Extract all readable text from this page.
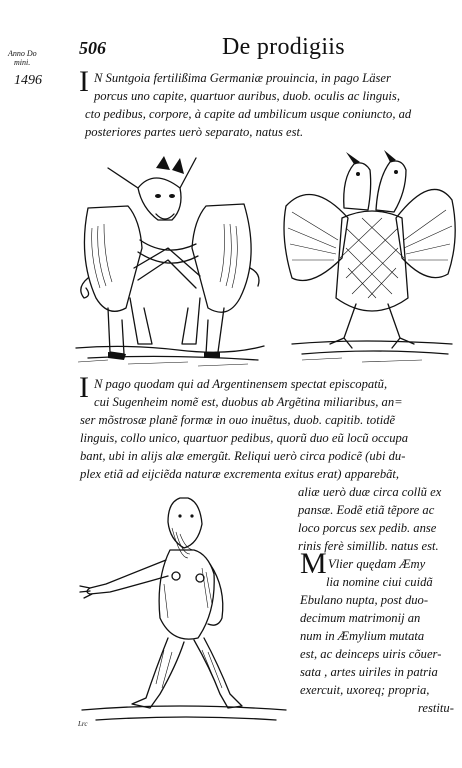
Anno Do
mini.
506	De prodigiis
1496 I N Suntgoia fertilißima Germaniæ prouincia, in pago Läser
porcus uno capite, quartuor auribus, duob. oculis ac linguis,
cto pedibus, corpore, à capite ad umbilicum usque coniuncto, ad
posteriores partes uerò separato, natus est.
I N pago quodam qui ad Argentinensem spectat episcopatũ,
cui Sugenheim nomẽ est, duobus ab Argẽtina miliaribus, an=
ser mõstrosæ planẽ formæ in ouo inuẽtus, duob. capitib. totidẽ
linguis, collo unico, quartuor pedibus, quorũ duo eũ locũ occupa
bant, ubi in alijs alæ emergũt. Reliqui uerò circa podicẽ (ubi du-
plex etiã ad eijciẽda naturæ excrementa exitus erat) apparebãt,
aliæ uerò duæ circa collũ ex
pansæ. Eodẽ etiã tẽpore ac
loco porcus sex pedib. anse
rinis ferè simillib. natus est.
M Vlier quędam Æmy
lia nomine ciui cuidã
Ebulano nupta, post duo-
decimum matrimonij an
num in Æmylium mutata
est, ac deinceps uiris cõuer-
sata , artes uiriles in patria
exercuit, uxoreq; propria,
restitu-
Lrc
